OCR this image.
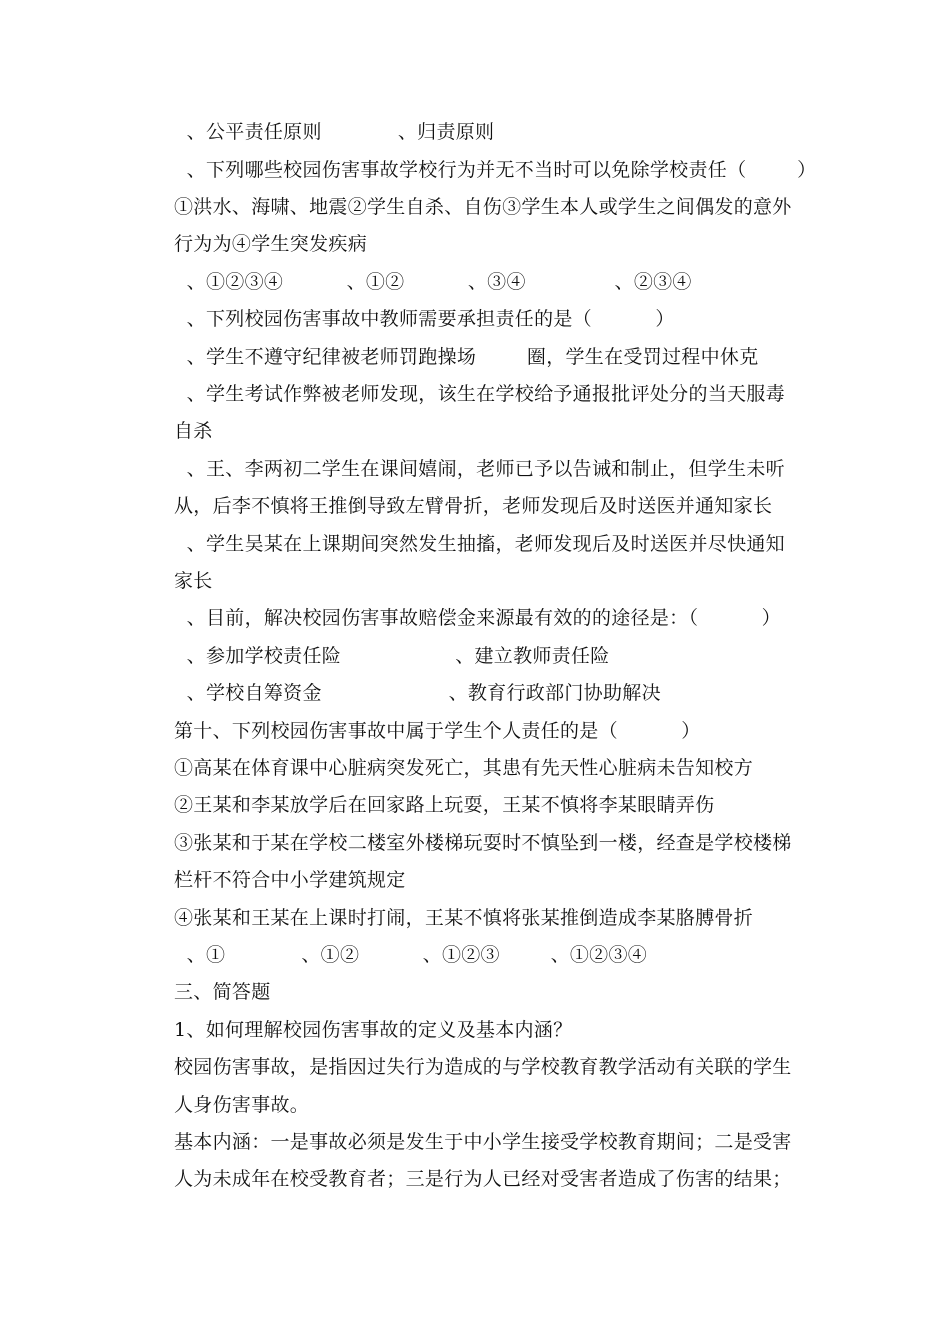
、公平责任原则            、归责原则
、下列哪些校园伤害事故学校行为并无不当时可以免除学校责任（        ）
①洪水、海啸、地震②学生自杀、自伤③学生本人或学生之间偶发的意外
行为为④学生突发疾病
、①②③④          、①②          、③④              、②③④
、下列校园伤害事故中教师需要承担责任的是（          ）
、学生不遵守纪律被老师罚跑操场        圈，学生在受罚过程中休克
、学生考试作弊被老师发现，该生在学校给予通报批评处分的当天服毒
自杀
、王、李两初二学生在课间嬉闹，老师已予以告诫和制止，但学生未听
从，后李不慎将王推倒导致左臂骨折，老师发现后及时送医并通知家长
、学生吴某在上课期间突然发生抽搐，老师发现后及时送医并尽快通知
家长
、目前，解决校园伤害事故赔偿金来源最有效的的途径是：（          ）
、参加学校责任险                  、建立教师责任险
、学校自筹资金                    、教育行政部门协助解决
第十、下列校园伤害事故中属于学生个人责任的是（          ）
①高某在体育课中心脏病突发死亡，其患有先天性心脏病未告知校方
②王某和李某放学后在回家路上玩耍，王某不慎将李某眼睛弄伤
③张某和于某在学校二楼室外楼梯玩耍时不慎坠到一楼，经查是学校楼梯
栏杆不符合中小学建筑规定
④张某和王某在上课时打闹，王某不慎将张某推倒造成李某胳膊骨折
、①            、①②          、①②③        、①②③④
三、简答题
1、如何理解校园伤害事故的定义及基本内涵？
校园伤害事故，是指因过失行为造成的与学校教育教学活动有关联的学生
人身伤害事故。
基本内涵：一是事故必须是发生于中小学生接受学校教育期间；二是受害
人为未成年在校受教育者；三是行为人已经对受害者造成了伤害的结果；
